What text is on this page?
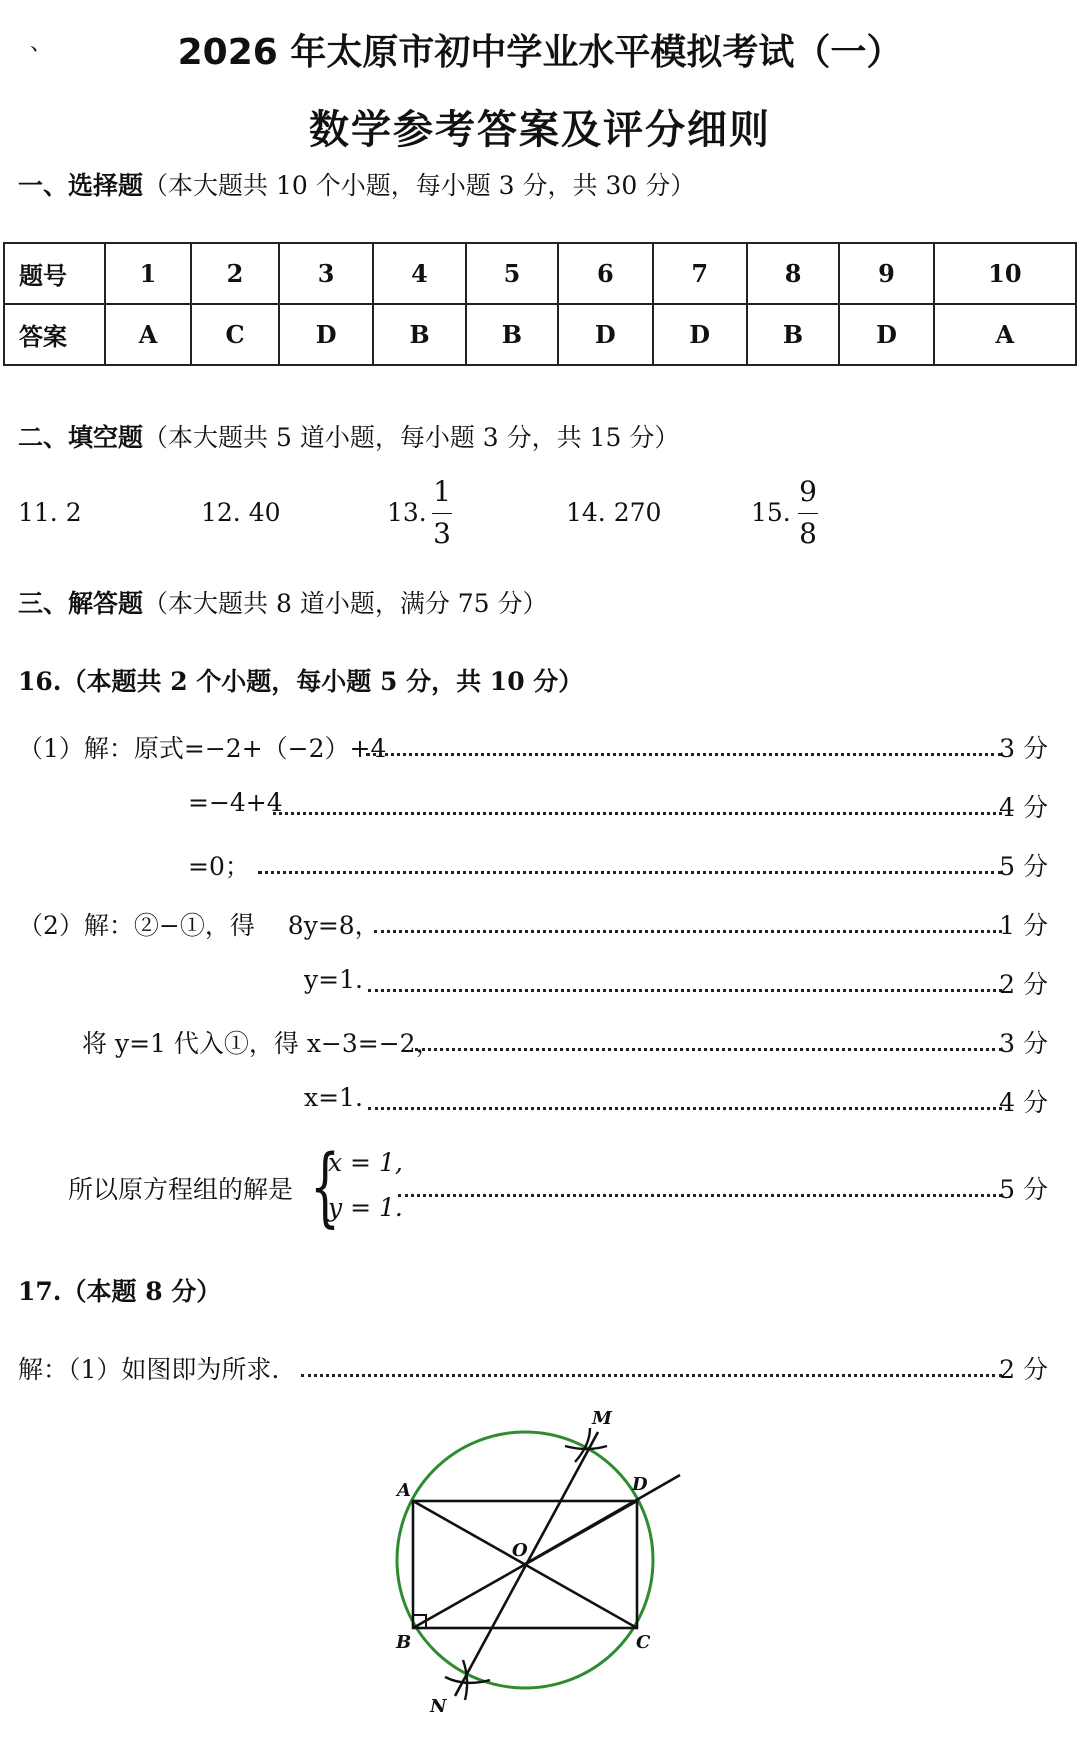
、	2026 年太原市初中学业水平模拟考试（一）
数学参考答案及评分细则
一、选择题（本大题共 10 个小题，每小题 3 分，共 30 分）
题号	1	2	3	4	5	6	7	8	9	10
答案	A	C	D	B	B	D	D	B	D	A
二、填空题（本大题共 5 道小题，每小题 3 分，共 15 分）
11. 2	12. 40	13.
1
3
14. 270	15.
9
8
三、解答题（本大题共 8 道小题，满分 75 分）
16.（本题共 2 个小题，每小题 5 分，共 10 分）
（1）解：原式=−2+（−2）+4	3 分
=−4+4	4 分
=0；	5 分
（2）解：②−①，得　 8y=8，	1 分
y=1.	2 分
将 y=1 代入①，得 x−3=−2，	3 分
x=1.	4 分
所以原方程组的解是 {
x = 1,
y = 1.
5 分
17.（本题 8 分）
解：（1）如图即为所求.	2 分
M
A	D
O
B	C
N
